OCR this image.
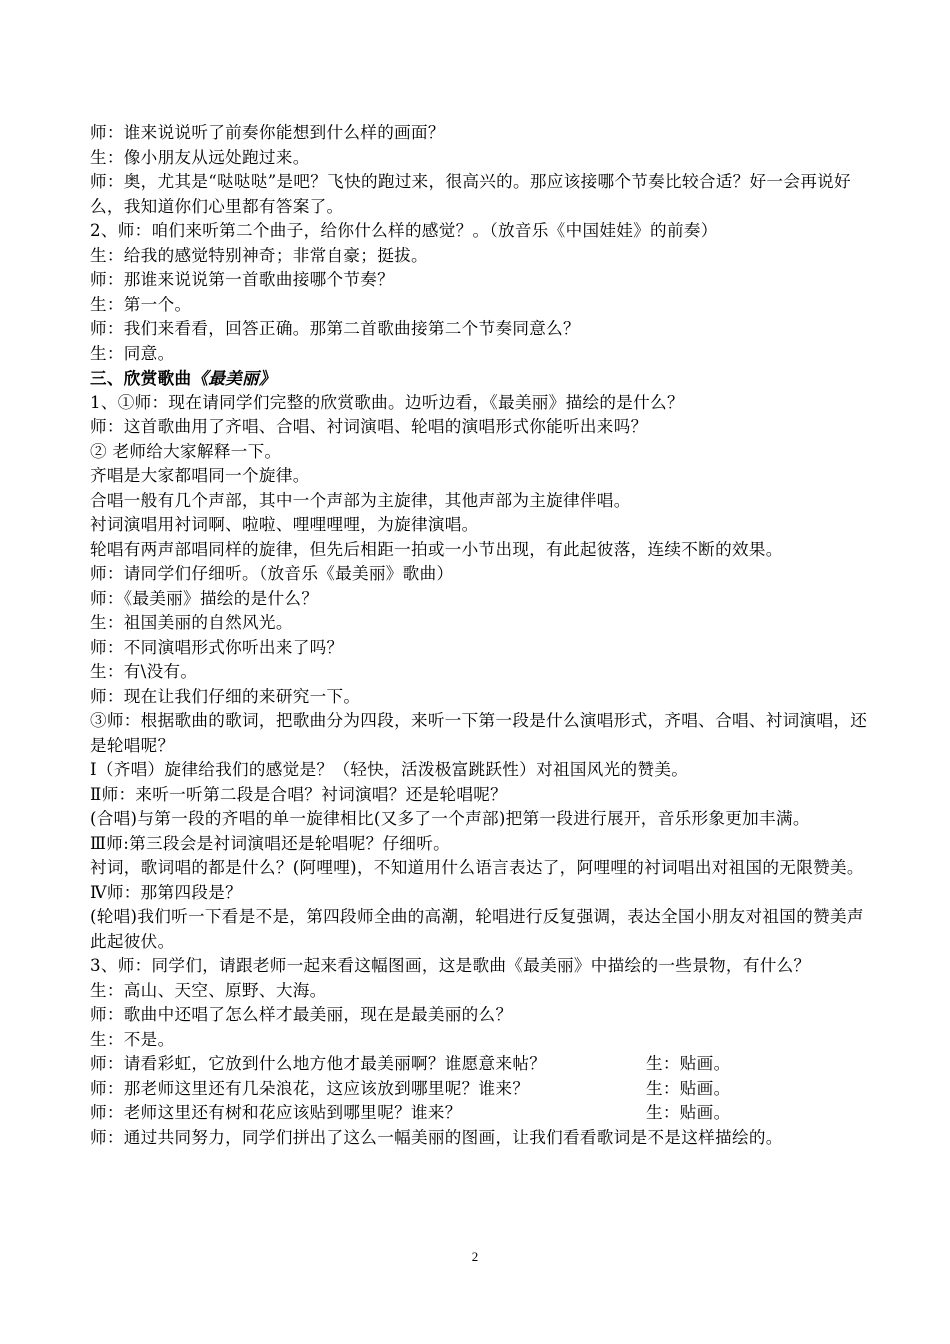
师：谁来说说听了前奏你能想到什么样的画面？
生：像小朋友从远处跑过来。
师：奥，尤其是“哒哒哒”是吧？飞快的跑过来，很高兴的。那应该接哪个节奏比较合适？好一会再说好么，我知道你们心里都有答案了。
2、师：咱们来听第二个曲子，给你什么样的感觉？。（放音乐《中国娃娃》的前奏）
生：给我的感觉特别神奇；非常自豪；挺拔。
师：那谁来说说第一首歌曲接哪个节奏？
生：第一个。
师：我们来看看，回答正确。那第二首歌曲接第二个节奏同意么？
生：同意。
三、欣赏歌曲《最美丽》
1、①师：现在请同学们完整的欣赏歌曲。边听边看，《最美丽》描绘的是什么？
师：这首歌曲用了齐唱、合唱、衬词演唱、轮唱的演唱形式你能听出来吗？
② 老师给大家解释一下。
齐唱是大家都唱同一个旋律。
合唱一般有几个声部，其中一个声部为主旋律，其他声部为主旋律伴唱。
衬词演唱用衬词啊、啦啦、哩哩哩哩，为旋律演唱。
轮唱有两声部唱同样的旋律，但先后相距一拍或一小节出现，有此起彼落，连续不断的效果。
师：请同学们仔细听。（放音乐《最美丽》歌曲）
师：《最美丽》描绘的是什么？
生：祖国美丽的自然风光。
师：不同演唱形式你听出来了吗？
生：有\没有。
师：现在让我们仔细的来研究一下。
③师：根据歌曲的歌词，把歌曲分为四段，来听一下第一段是什么演唱形式，齐唱、合唱、衬词演唱，还是轮唱呢？
Ⅰ（齐唱）旋律给我们的感觉是？（轻快，活泼极富跳跃性）对祖国风光的赞美。
Ⅱ师：来听一听第二段是合唱？衬词演唱？还是轮唱呢？
(合唱)与第一段的齐唱的单一旋律相比(又多了一个声部)把第一段进行展开，音乐形象更加丰满。
Ⅲ师:第三段会是衬词演唱还是轮唱呢？仔细听。
衬词，歌词唱的都是什么？(阿哩哩)，不知道用什么语言表达了，阿哩哩的衬词唱出对祖国的无限赞美。
Ⅳ师：那第四段是？
(轮唱)我们听一下看是不是，第四段师全曲的高潮，轮唱进行反复强调，表达全国小朋友对祖国的赞美声此起彼伏。
3、师：同学们，请跟老师一起来看这幅图画，这是歌曲《最美丽》中描绘的一些景物，有什么？
生：高山、天空、原野、大海。
师：歌曲中还唱了怎么样才最美丽，现在是最美丽的么？
生：不是。
师：请看彩虹，它放到什么地方他才最美丽啊？谁愿意来帖？	生：贴画。
师：那老师这里还有几朵浪花，这应该放到哪里呢？谁来？	生：贴画。
师：老师这里还有树和花应该贴到哪里呢？谁来？	生：贴画。
师：通过共同努力，同学们拼出了这么一幅美丽的图画，让我们看看歌词是不是这样描绘的。
2
